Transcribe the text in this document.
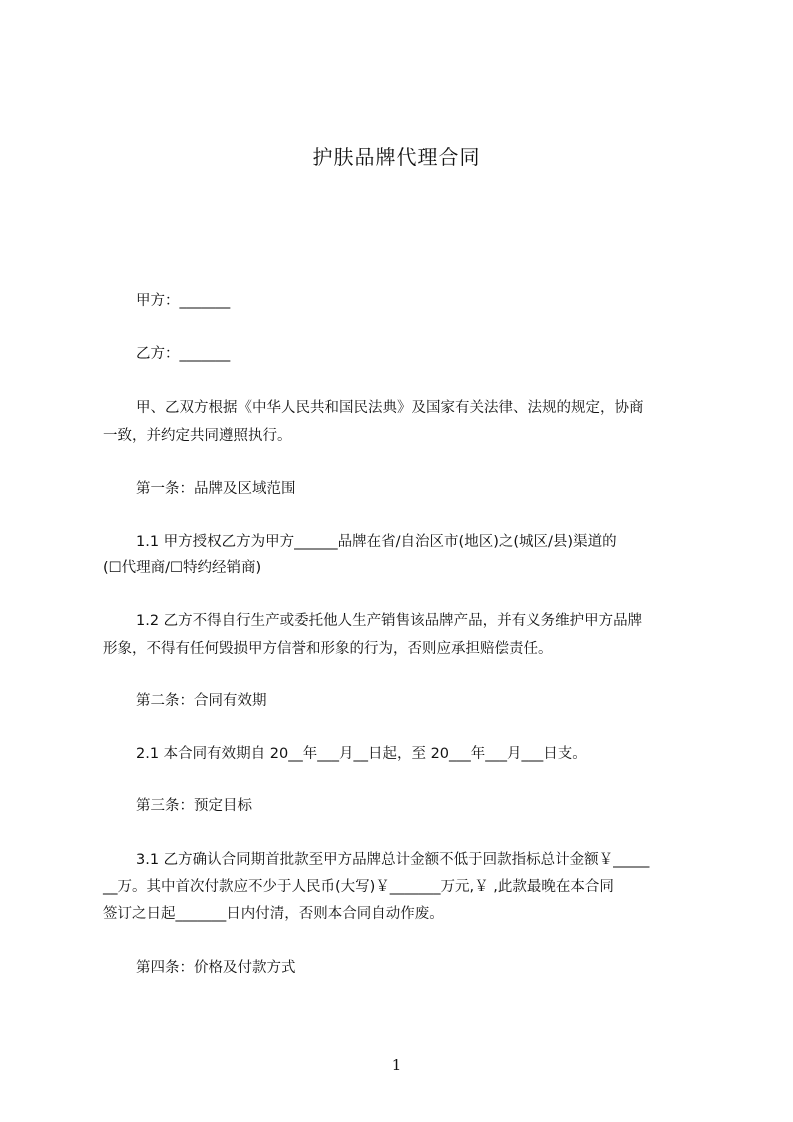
护肤品牌代理合同
甲方：_______
乙方：_______
甲、乙双方根据《中华人民共和国民法典》及国家有关法律、法规的规定，协商
一致，并约定共同遵照执行。
第一条：品牌及区域范围
1.1 甲方授权乙方为甲方______品牌在省/自治区市(地区)之(城区/县)渠道的
(☐代理商/☐特约经销商)
1.2 乙方不得自行生产或委托他人生产销售该品牌产品，并有义务维护甲方品牌
形象，不得有任何毁损甲方信誉和形象的行为，否则应承担赔偿责任。
第二条：合同有效期
2.1 本合同有效期自 20__年___月__日起，至 20___年___月___日支。
第三条：预定目标
3.1 乙方确认合同期首批款至甲方品牌总计金额不低于回款指标总计金额￥_____
__万。其中首次付款应不少于人民币(大写)￥_______万元,￥ ,此款最晚在本合同
签订之日起_______日内付清，否则本合同自动作废。
第四条：价格及付款方式
1
